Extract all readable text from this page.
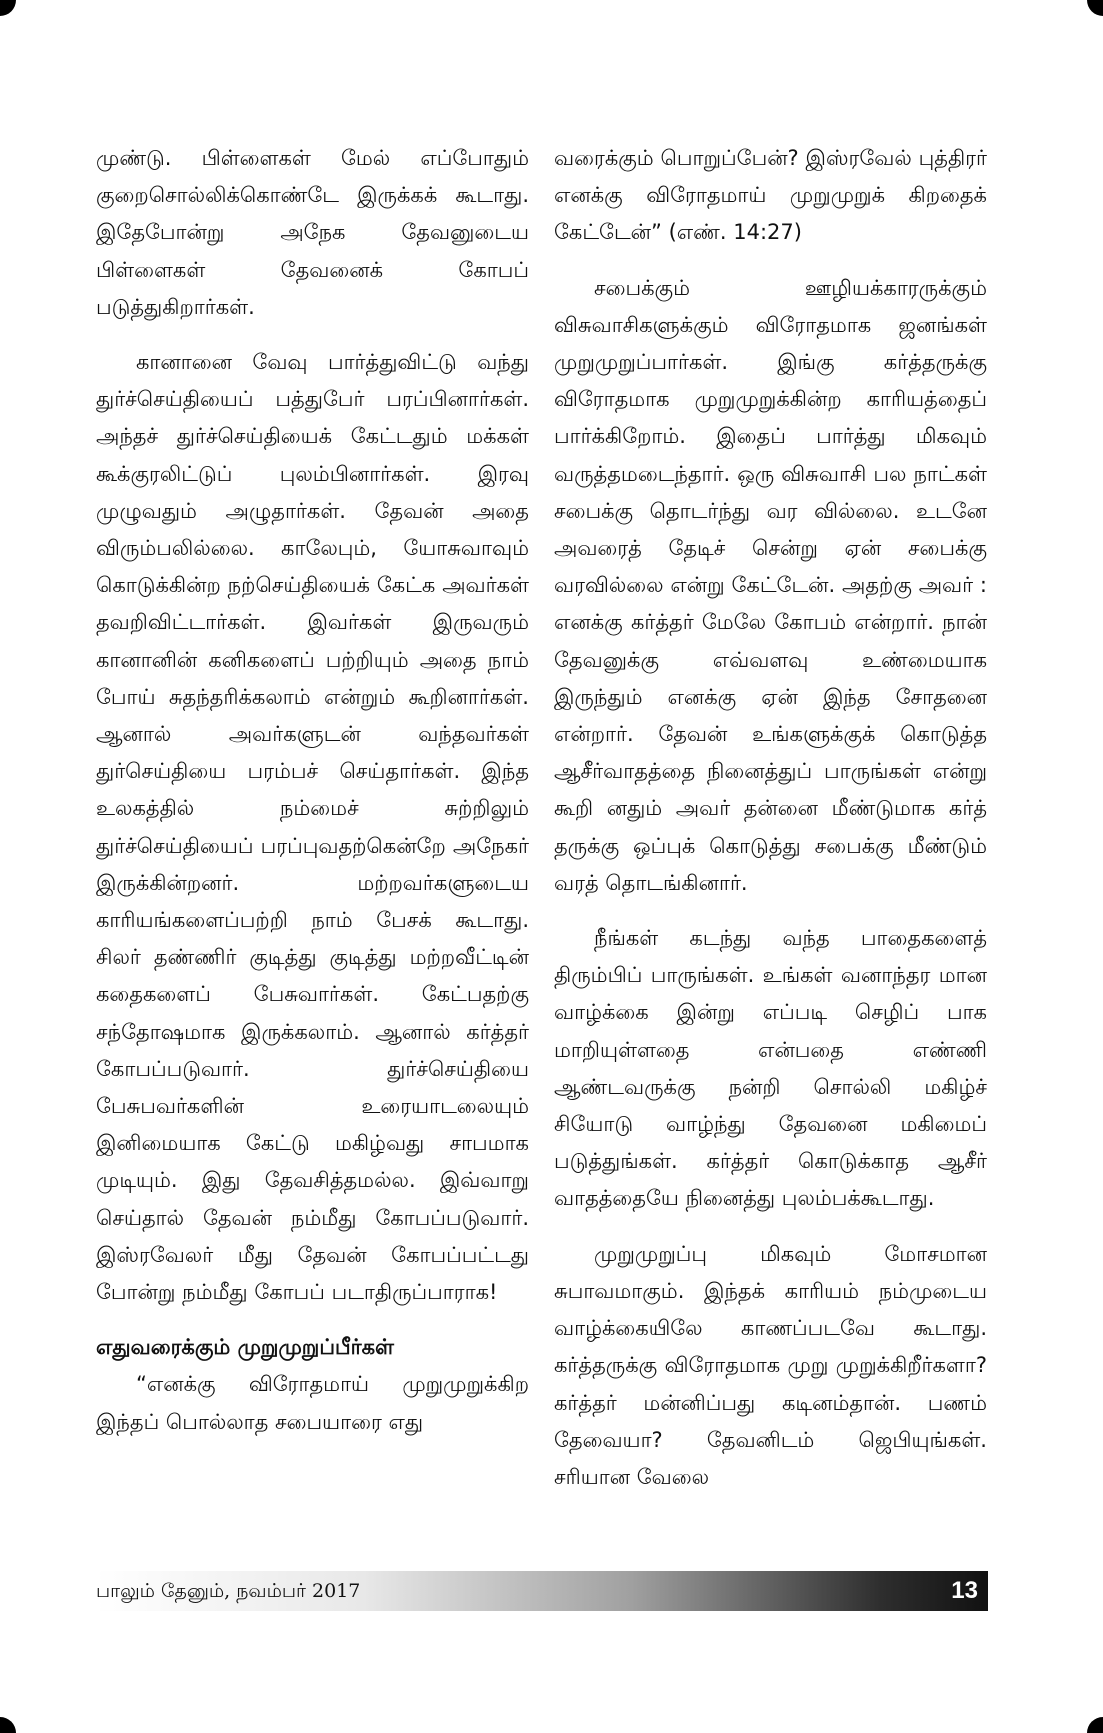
முண்டு. பிள்ளைகள் மேல் எப்போதும் குறைசொல்லிக்கொண்டே இருக்கக் கூடாது. இதேபோன்று அநேக தேவனுடைய பிள்ளைகள் தேவனைக் கோபப் படுத்துகிறார்கள்.

கானானை வேவு பார்த்துவிட்டு வந்து துர்ச்செய்தியைப் பத்துபேர் பரப்பினார்கள். அந்தச் துர்ச்செய்தியைக் கேட்டதும் மக்கள் கூக்குரலிட்டுப் புலம்பினார்கள். இரவு முழுவதும் அழுதார்கள். தேவன் அதை விரும்பலில்லை. காலேபும், யோசுவாவும் கொடுக்கின்ற நற்செய்தியைக் கேட்க அவர்கள் தவறிவிட்டார்கள். இவர்கள் இருவரும் கானானின் கனிகளைப் பற்றியும் அதை நாம் போய் சுதந்தரிக்கலாம் என்றும் கூறினார்கள். ஆனால் அவர்களுடன் வந்தவர்கள் துர்செய்தியை பரம்பச் செய்தார்கள். இந்த உலகத்தில் நம்மைச் சுற்றிலும் துர்ச்செய்தியைப் பரப்புவதற்கென்றே அநேகர் இருக்கின்றனர். மற்றவர்களுடைய காரியங்களைப்பற்றி நாம் பேசக் கூடாது. சிலர் தண்ணிர் குடித்து குடித்து மற்றவீட்டின் கதைகளைப் பேசுவார்கள். கேட்பதற்கு சந்தோஷமாக இருக்கலாம். ஆனால் கர்த்தர் கோபப்படுவார். துர்ச்செய்தியை பேசுபவர்களின் உரையாடலையும் இனிமையாக கேட்டு மகிழ்வது சாபமாக முடியும். இது தேவசித்தமல்ல. இவ்வாறு செய்தால் தேவன் நம்மீது கோபப்படுவார். இஸ்ரவேலர் மீது தேவன் கோபப்பட்டது போன்று நம்மீது கோபப் படாதிருப்பாராக!

எதுவரைக்கும் முறுமுறுப்பீர்கள்

“எனக்கு விரோதமாய் முறுமுறுக்கிற இந்தப் பொல்லாத சபையாரை எது

வரைக்கும் பொறுப்பேன்? இஸ்ரவேல் புத்திரர் எனக்கு விரோதமாய் முறுமுறுக் கிறதைக் கேட்டேன்” (எண். 14:27)

சபைக்கும் ஊழியக்காரருக்கும் விசுவாசிகளுக்கும் விரோதமாக ஜனங்கள் முறுமுறுப்பார்கள். இங்கு கர்த்தருக்கு விரோதமாக முறுமுறுக்கின்ற காரியத்தைப் பார்க்கிறோம். இதைப் பார்த்து மிகவும் வருத்தமடைந்தார். ஒரு விசுவாசி பல நாட்கள் சபைக்கு தொடர்ந்து வர வில்லை. உடனே அவரைத் தேடிச் சென்று ஏன் சபைக்கு வரவில்லை என்று கேட்டேன். அதற்கு அவர் : எனக்கு கர்த்தர் மேலே கோபம் என்றார். நான் தேவனுக்கு எவ்வளவு உண்மையாக இருந்தும் எனக்கு ஏன் இந்த சோதனை என்றார். தேவன் உங்களுக்குக் கொடுத்த ஆசீர்வாதத்தை நினைத்துப் பாருங்கள் என்று கூறி னதும் அவர் தன்னை மீண்டுமாக கர்த் தருக்கு ஒப்புக் கொடுத்து சபைக்கு மீண்டும் வரத் தொடங்கினார்.

நீங்கள் கடந்து வந்த பாதைகளைத் திரும்பிப் பாருங்கள். உங்கள் வனாந்தர மான வாழ்க்கை இன்று எப்படி செழிப் பாக மாறியுள்ளதை என்பதை எண்ணி ஆண்டவருக்கு நன்றி சொல்லி மகிழ்ச் சியோடு வாழ்ந்து தேவனை மகிமைப் படுத்துங்கள். கர்த்தர் கொடுக்காத ஆசீர் வாதத்தையே நினைத்து புலம்பக்கூடாது.

முறுமுறுப்பு மிகவும் மோசமான சுபாவமாகும். இந்தக் காரியம் நம்முடைய வாழ்க்கையிலே காணப்படவே கூடாது. கர்த்தருக்கு விரோதமாக முறு முறுக்கிறீர்களா? கர்த்தர் மன்னிப்பது கடினம்தான். பணம் தேவையா? தேவனிடம் ஜெபியுங்கள். சரியான வேலை

பாலும் தேனும், நவம்பர் 2017	13
